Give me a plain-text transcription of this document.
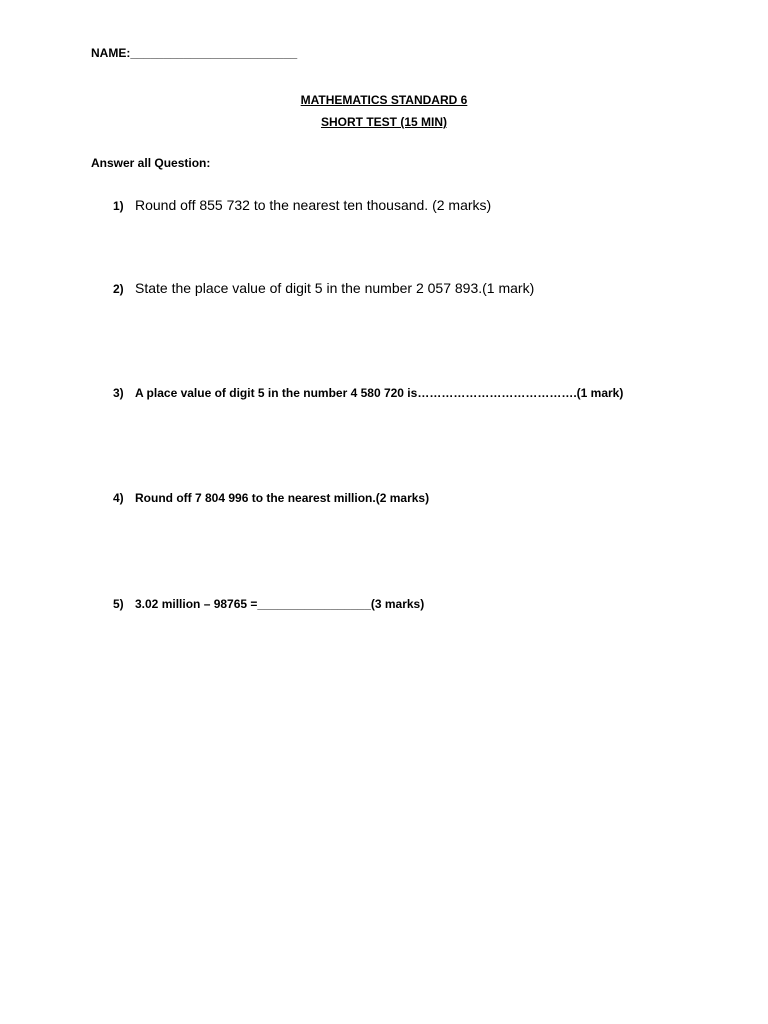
NAME:_________________________
MATHEMATICS STANDARD 6
SHORT TEST (15 MIN)
Answer all Question:
1) Round off 855 732 to the nearest ten thousand. (2 marks)
2) State the place value of digit 5 in the number 2 057 893.(1 mark)
3) A place value of digit 5 in the number 4 580 720 is………………………………….(1 mark)
4) Round off 7 804 996 to the nearest million.(2 marks)
5) 3.02 million – 98765 =_________________(3 marks)
